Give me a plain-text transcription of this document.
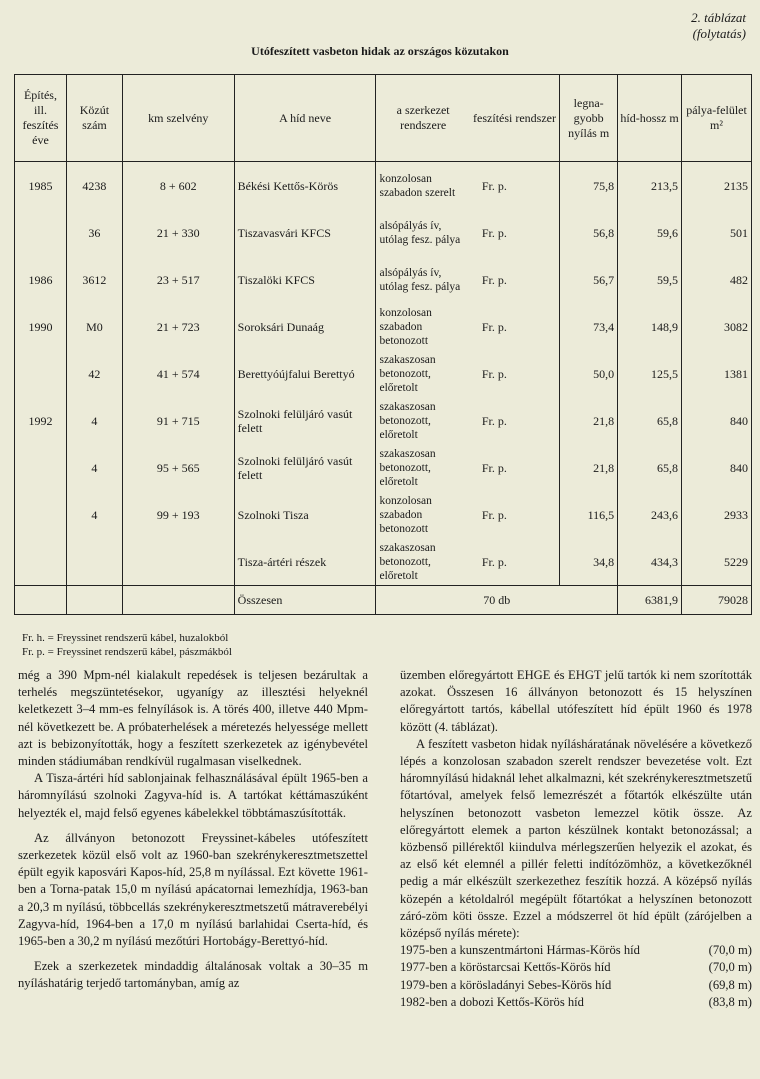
2. táblázat
(folytatás)
Utófeszített vasbeton hidak az országos közutakon
Építés, ill. feszítés éve	Közút szám	km szelvény	A híd neve	a szerkezet rendszere	feszítési rendszer	legna-gyobb nyílás m	híd-hossz m	pálya-felület m²
1985	4238	8 + 602	Békési Kettős-Körös	konzolosan szabadon szerelt	Fr. p.	75,8	213,5	2135
	36	21 + 330	Tiszavasvári KFCS	alsópályás ív, utólag fesz. pálya	Fr. p.	56,8	59,6	501
1986	3612	23 + 517	Tiszalöki KFCS	alsópályás ív, utólag fesz. pálya	Fr. p.	56,7	59,5	482
1990	M0	21 + 723	Soroksári Dunaág	konzolosan szabadon betonozott	Fr. p.	73,4	148,9	3082
	42	41 + 574	Berettyóújfalui Berettyó	szakaszosan betonozott, előretolt	Fr. p.	50,0	125,5	1381
1992	4	91 + 715	Szolnoki felüljáró vasút felett	szakaszosan betonozott, előretolt	Fr. p.	21,8	65,8	840
	4	95 + 565	Szolnoki felüljáró vasút felett	szakaszosan betonozott, előretolt	Fr. p.	21,8	65,8	840
	4	99 + 193	Szolnoki Tisza	konzolosan szabadon betonozott	Fr. p.	116,5	243,6	2933
			Tisza-ártéri részek	szakaszosan betonozott, előretolt	Fr. p.	34,8	434,3	5229
			Összesen	70 db			6381,9	79028
Fr. h. = Freyssinet rendszerű kábel, huzalokból
Fr. p. = Freyssinet rendszerű kábel, pászmákból

még a 390 Mpm-nél kialakult repedések is teljesen bezárultak a terhelés megszüntetésekor, ugyanígy az illesztési helyeknél keletkezett 3–4 mm-es felnyílások is. A törés 400, illetve 440 Mpm-nél következett be. A próbaterhelések a méretezés helyessége mellett azt is bebizonyították, hogy a feszített szerkezetek az igénybevétel minden stádiumában rendkívül rugalmasan viselkednek.

A Tisza-ártéri híd sablonjainak felhasználásával épült 1965-ben a háromnyílású szolnoki Zagyva-híd is. A tartókat kéttámaszúként helyezték el, majd felső egyenes kábelekkel többtámaszúsították.

Az állványon betonozott Freyssinet-kábeles utófeszített szerkezetek közül első volt az 1960-ban szekrénykeresztmetszettel épült egyik kaposvári Kapos-híd, 25,8 m nyílással. Ezt követte 1961-ben a Torna-patak 15,0 m nyílású apácatornai lemezhídja, 1963-ban a 20,3 m nyílású, többcellás szekrénykeresztmetszetű mátraverebélyi Zagyva-híd, 1964-ben a 17,0 m nyílású barlahidai Cserta-híd, és 1965-ben a 30,2 m nyílású mezőtúri Hortobágy-Berettyó-híd.

Ezek a szerkezetek mindaddig általánosak voltak a 30–35 m nyíláshatárig terjedő tartományban, amíg az

üzemben előregyártott EHGE és EHGT jelű tartók ki nem szorították azokat. Összesen 16 állványon betonozott és 15 helyszínen előregyártott tartós, kábellal utófeszített híd épült 1960 és 1978 között (4. táblázat).

A feszített vasbeton hidak nyílásháratának növelésére a következő lépés a konzolosan szabadon szerelt rendszer bevezetése volt. Ezt háromnyílású hidaknál lehet alkalmazni, két szekrénykeresztmetszetű főtartóval, amelyek felső lemezrészét a főtartók elkészülte után helyszínen betonozott vasbeton lemezzel kötik össze. Az előregyártott elemek a parton készülnek kontakt betonozással; a közbenső pillérektől kiindulva mérlegszerűen helyezik el azokat, és az első két elemnél a pillér feletti indítózömhöz, a következőknél pedig a már elkészült szerkezethez feszítik hozzá. A középső nyílás közepén a kétoldalról megépült főtartókat a helyszínen betonozott záró-zöm köti össze. Ezzel a módszerrel öt híd épült (zárójelben a középső nyílás mérete):

1975-ben a kunszentmártoni Hármas-Körös híd	(70,0 m)
1977-ben a köröstarcsai Kettős-Körös híd	(70,0 m)
1979-ben a körösladányi Sebes-Körös híd	(69,8 m)
1982-ben a dobozi Kettős-Körös híd	(83,8 m)
